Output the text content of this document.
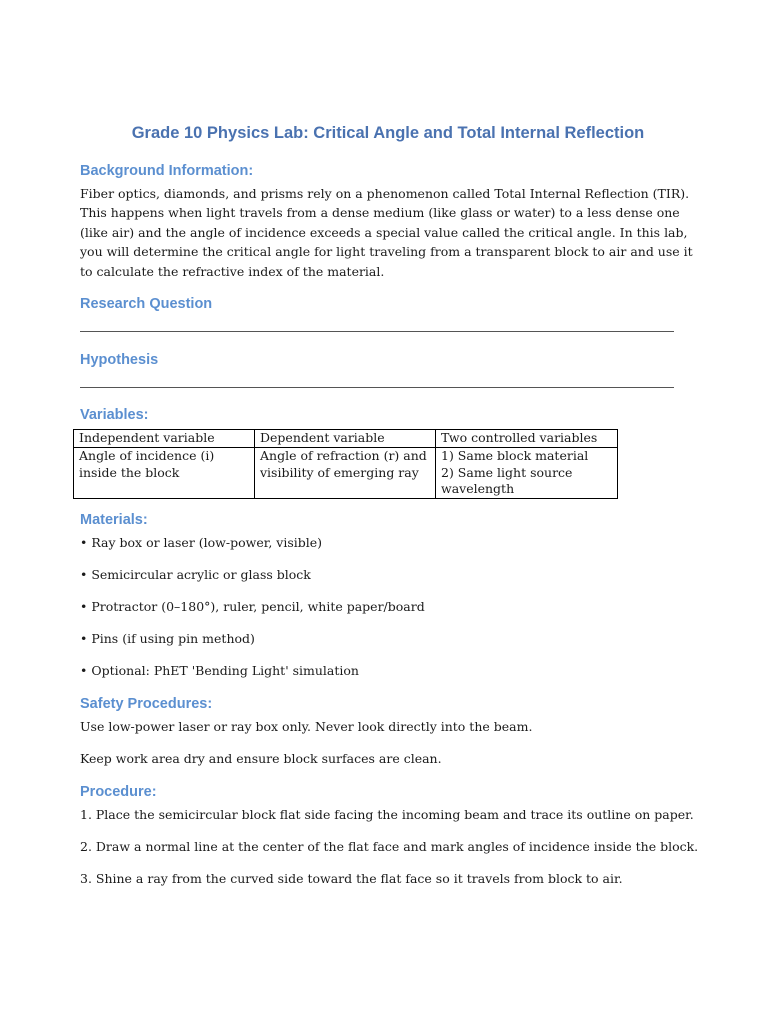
Grade 10 Physics Lab: Critical Angle and Total Internal Reflection
Background Information:
Fiber optics, diamonds, and prisms rely on a phenomenon called Total Internal Reflection (TIR). This happens when light travels from a dense medium (like glass or water) to a less dense one (like air) and the angle of incidence exceeds a special value called the critical angle. In this lab, you will determine the critical angle for light traveling from a transparent block to air and use it to calculate the refractive index of the material.
Research Question
Hypothesis
Variables:
Independent variable	Dependent variable	Two controlled variables
Angle of incidence (i) inside the block	Angle of refraction (r) and visibility of emerging ray	1) Same block material
2) Same light source wavelength
Materials:
• Ray box or laser (low-power, visible)
• Semicircular acrylic or glass block
• Protractor (0–180°), ruler, pencil, white paper/board
• Pins (if using pin method)
• Optional: PhET 'Bending Light' simulation
Safety Procedures:
Use low-power laser or ray box only. Never look directly into the beam.
Keep work area dry and ensure block surfaces are clean.
Procedure:
1. Place the semicircular block flat side facing the incoming beam and trace its outline on paper.
2. Draw a normal line at the center of the flat face and mark angles of incidence inside the block.
3. Shine a ray from the curved side toward the flat face so it travels from block to air.
